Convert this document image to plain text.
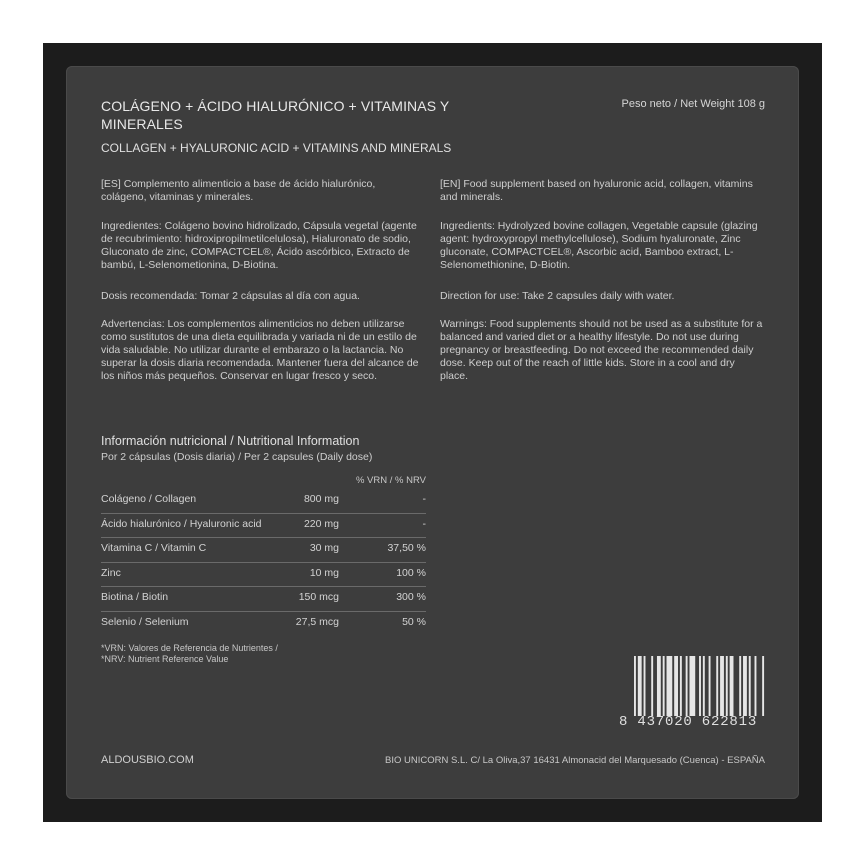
COLÁGENO + ÁCIDO HIALURÓNICO + VITAMINAS Y MINERALES
Peso neto / Net Weight 108 g
COLLAGEN + HYALURONIC ACID + VITAMINS AND MINERALS

[ES] Complemento alimenticio a base de ácido hialurónico, colágeno, vitaminas y minerales.

Ingredientes: Colágeno bovino hidrolizado, Cápsula vegetal (agente de recubrimiento: hidroxipropilmetilcelulosa), Hialuronato de sodio, Gluconato de zinc, COMPACTCEL®, Ácido ascórbico, Extracto de bambú, L-Selenometionina, D-Biotina.

Dosis recomendada: Tomar 2 cápsulas al día con agua.

Advertencias: Los complementos alimenticios no deben utilizarse como sustitutos de una dieta equilibrada y variada ni de un estilo de vida saludable. No utilizar durante el embarazo o la lactancia. No superar la dosis diaria recomendada. Mantener fuera del alcance de los niños más pequeños. Conservar en lugar fresco y seco.

[EN] Food supplement based on hyaluronic acid, collagen, vitamins and minerals.

Ingredients: Hydrolyzed bovine collagen, Vegetable capsule (glazing agent: hydroxypropyl methylcellulose), Sodium hyaluronate, Zinc gluconate, COMPACTCEL®, Ascorbic acid, Bamboo extract, L-Selenomethionine, D-Biotin.

Direction for use: Take 2 capsules daily with water.

Warnings: Food supplements should not be used as a substitute for a balanced and varied diet or a healthy lifestyle. Do not use during pregnancy or breastfeeding. Do not exceed the recommended daily dose. Keep out of the reach of little kids. Store in a cool and dry place.

Información nutricional / Nutritional Information
Por 2 cápsulas (Dosis diaria) / Per 2 capsules (Daily dose)
% VRN / % NRV
Colágeno / Collagen	800 mg	-
Ácido hialurónico / Hyaluronic acid	220 mg	-
Vitamina C / Vitamin C	30 mg	37,50 %
Zinc	10 mg	100 %
Biotina / Biotin	150 mcg	300 %
Selenio / Selenium	27,5 mcg	50 %
*VRN: Valores de Referencia de Nutrientes /
*NRV: Nutrient Reference Value
8 437020 622813
ALDOUSBIO.COM	BIO UNICORN S.L. C/ La Oliva,37 16431 Almonacid del Marquesado (Cuenca) - ESPAÑA
